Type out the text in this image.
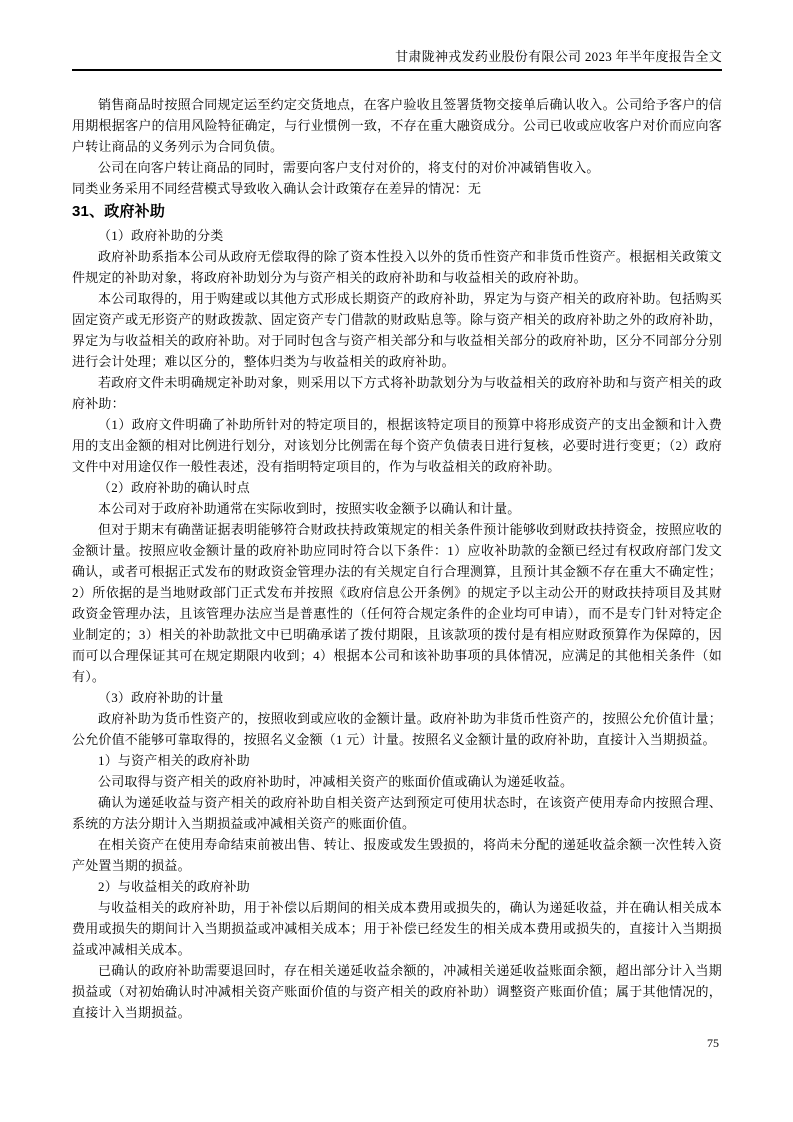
甘肃陇神戎发药业股份有限公司 2023 年半年度报告全文

销售商品时按照合同规定运至约定交货地点，在客户验收且签署货物交接单后确认收入。公司给予客户的信用期根据客户的信用风险特征确定，与行业惯例一致，不存在重大融资成分。公司已收或应收客户对价而应向客户转让商品的义务列示为合同负债。

公司在向客户转让商品的同时，需要向客户支付对价的，将支付的对价冲减销售收入。

同类业务采用不同经营模式导致收入确认会计政策存在差异的情况：无

31、政府补助

（1）政府补助的分类

政府补助系指本公司从政府无偿取得的除了资本性投入以外的货币性资产和非货币性资产。根据相关政策文件规定的补助对象，将政府补助划分为与资产相关的政府补助和与收益相关的政府补助。

本公司取得的，用于购建或以其他方式形成长期资产的政府补助，界定为与资产相关的政府补助。包括购买固定资产或无形资产的财政拨款、固定资产专门借款的财政贴息等。除与资产相关的政府补助之外的政府补助，界定为与收益相关的政府补助。对于同时包含与资产相关部分和与收益相关部分的政府补助，区分不同部分分别进行会计处理；难以区分的，整体归类为与收益相关的政府补助。

若政府文件未明确规定补助对象，则采用以下方式将补助款划分为与收益相关的政府补助和与资产相关的政府补助：

（1）政府文件明确了补助所针对的特定项目的，根据该特定项目的预算中将形成资产的支出金额和计入费用的支出金额的相对比例进行划分，对该划分比例需在每个资产负债表日进行复核，必要时进行变更；（2）政府文件中对用途仅作一般性表述，没有指明特定项目的，作为与收益相关的政府补助。

（2）政府补助的确认时点

本公司对于政府补助通常在实际收到时，按照实收金额予以确认和计量。

但对于期末有确凿证据表明能够符合财政扶持政策规定的相关条件预计能够收到财政扶持资金，按照应收的金额计量。按照应收金额计量的政府补助应同时符合以下条件：1）应收补助款的金额已经过有权政府部门发文确认，或者可根据正式发布的财政资金管理办法的有关规定自行合理测算，且预计其金额不存在重大不确定性；2）所依据的是当地财政部门正式发布并按照《政府信息公开条例》的规定予以主动公开的财政扶持项目及其财政资金管理办法，且该管理办法应当是普惠性的（任何符合规定条件的企业均可申请），而不是专门针对特定企业制定的；3）相关的补助款批文中已明确承诺了拨付期限，且该款项的拨付是有相应财政预算作为保障的，因而可以合理保证其可在规定期限内收到；4）根据本公司和该补助事项的具体情况，应满足的其他相关条件（如有）。

（3）政府补助的计量

政府补助为货币性资产的，按照收到或应收的金额计量。政府补助为非货币性资产的，按照公允价值计量；公允价值不能够可靠取得的，按照名义金额（1 元）计量。按照名义金额计量的政府补助，直接计入当期损益。

1）与资产相关的政府补助

公司取得与资产相关的政府补助时，冲减相关资产的账面价值或确认为递延收益。

确认为递延收益与资产相关的政府补助自相关资产达到预定可使用状态时，在该资产使用寿命内按照合理、系统的方法分期计入当期损益或冲减相关资产的账面价值。

在相关资产在使用寿命结束前被出售、转让、报废或发生毁损的，将尚未分配的递延收益余额一次性转入资产处置当期的损益。

2）与收益相关的政府补助

与收益相关的政府补助，用于补偿以后期间的相关成本费用或损失的，确认为递延收益，并在确认相关成本费用或损失的期间计入当期损益或冲减相关成本；用于补偿已经发生的相关成本费用或损失的，直接计入当期损益或冲减相关成本。

已确认的政府补助需要退回时，存在相关递延收益余额的，冲减相关递延收益账面余额，超出部分计入当期损益或（对初始确认时冲减相关资产账面价值的与资产相关的政府补助）调整资产账面价值；属于其他情况的，直接计入当期损益。

75
